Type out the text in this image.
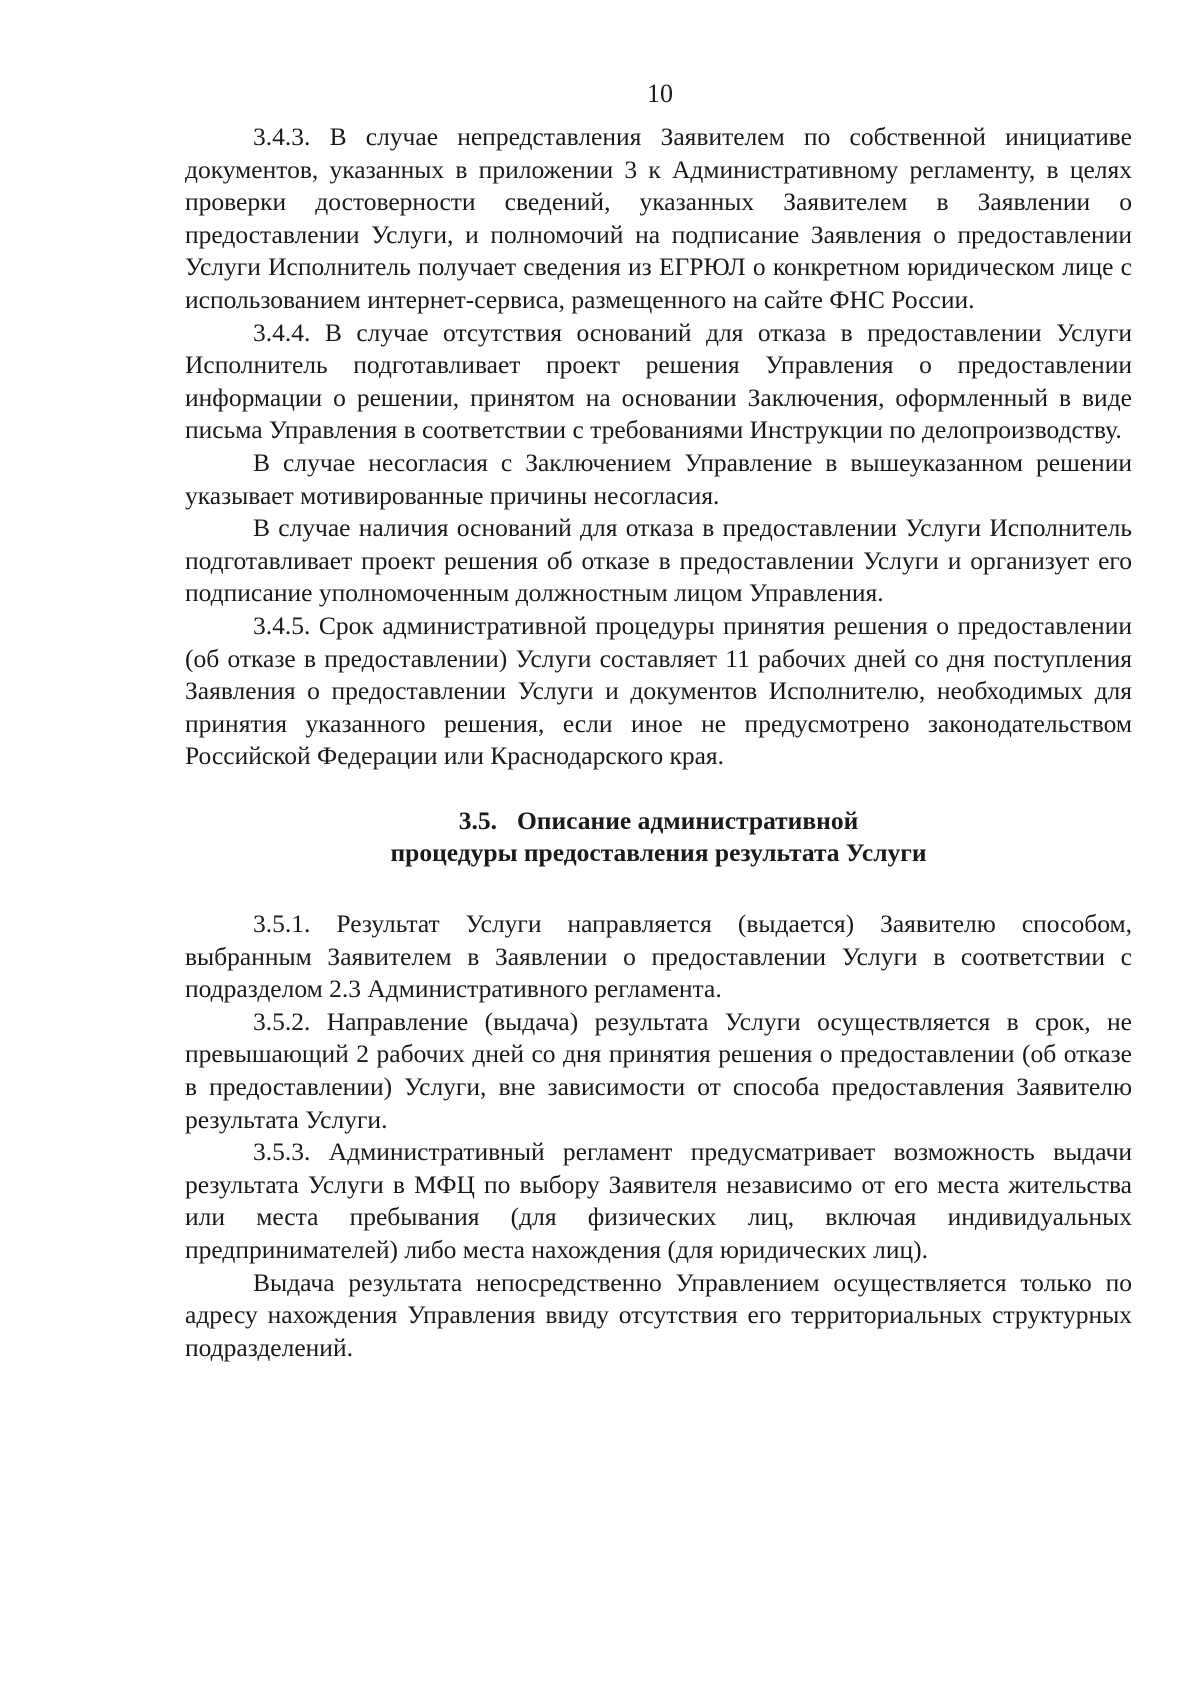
10

3.4.3. В случае непредставления Заявителем по собственной инициативе документов, указанных в приложении 3 к Административному регламенту, в целях проверки достоверности сведений, указанных Заявителем в Заявлении о предоставлении Услуги, и полномочий на подписание Заявления о предоставлении Услуги Исполнитель получает сведения из ЕГРЮЛ о конкретном юридическом лице с использованием интернет-сервиса, размещенного на сайте ФНС России.

3.4.4. В случае отсутствия оснований для отказа в предоставлении Услуги Исполнитель подготавливает проект решения Управления о предоставлении информации о решении, принятом на основании Заключения, оформленный в виде письма Управления в соответствии с требованиями Инструкции по делопроизводству.

В случае несогласия с Заключением Управление в вышеуказанном решении указывает мотивированные причины несогласия.

В случае наличия оснований для отказа в предоставлении Услуги Исполнитель подготавливает проект решения об отказе в предоставлении Услуги и организует его подписание уполномоченным должностным лицом Управления.

3.4.5. Срок административной процедуры принятия решения о предоставлении (об отказе в предоставлении) Услуги составляет 11 рабочих дней со дня поступления Заявления о предоставлении Услуги и документов Исполнителю, необходимых для принятия указанного решения, если иное не предусмотрено законодательством Российской Федерации или Краснодарского края.

3.5. Описание административной

процедуры предоставления результата Услуги

3.5.1. Результат Услуги направляется (выдается) Заявителю способом, выбранным Заявителем в Заявлении о предоставлении Услуги в соответствии с подразделом 2.3 Административного регламента.

3.5.2. Направление (выдача) результата Услуги осуществляется в срок, не превышающий 2 рабочих дней со дня принятия решения о предоставлении (об отказе в предоставлении) Услуги, вне зависимости от способа предоставления Заявителю результата Услуги.

3.5.3. Административный регламент предусматривает возможность выдачи результата Услуги в МФЦ по выбору Заявителя независимо от его места жительства или места пребывания (для физических лиц, включая индивидуальных предпринимателей) либо места нахождения (для юридических лиц).

Выдача результата непосредственно Управлением осуществляется только по адресу нахождения Управления ввиду отсутствия его территориальных структурных подразделений.
